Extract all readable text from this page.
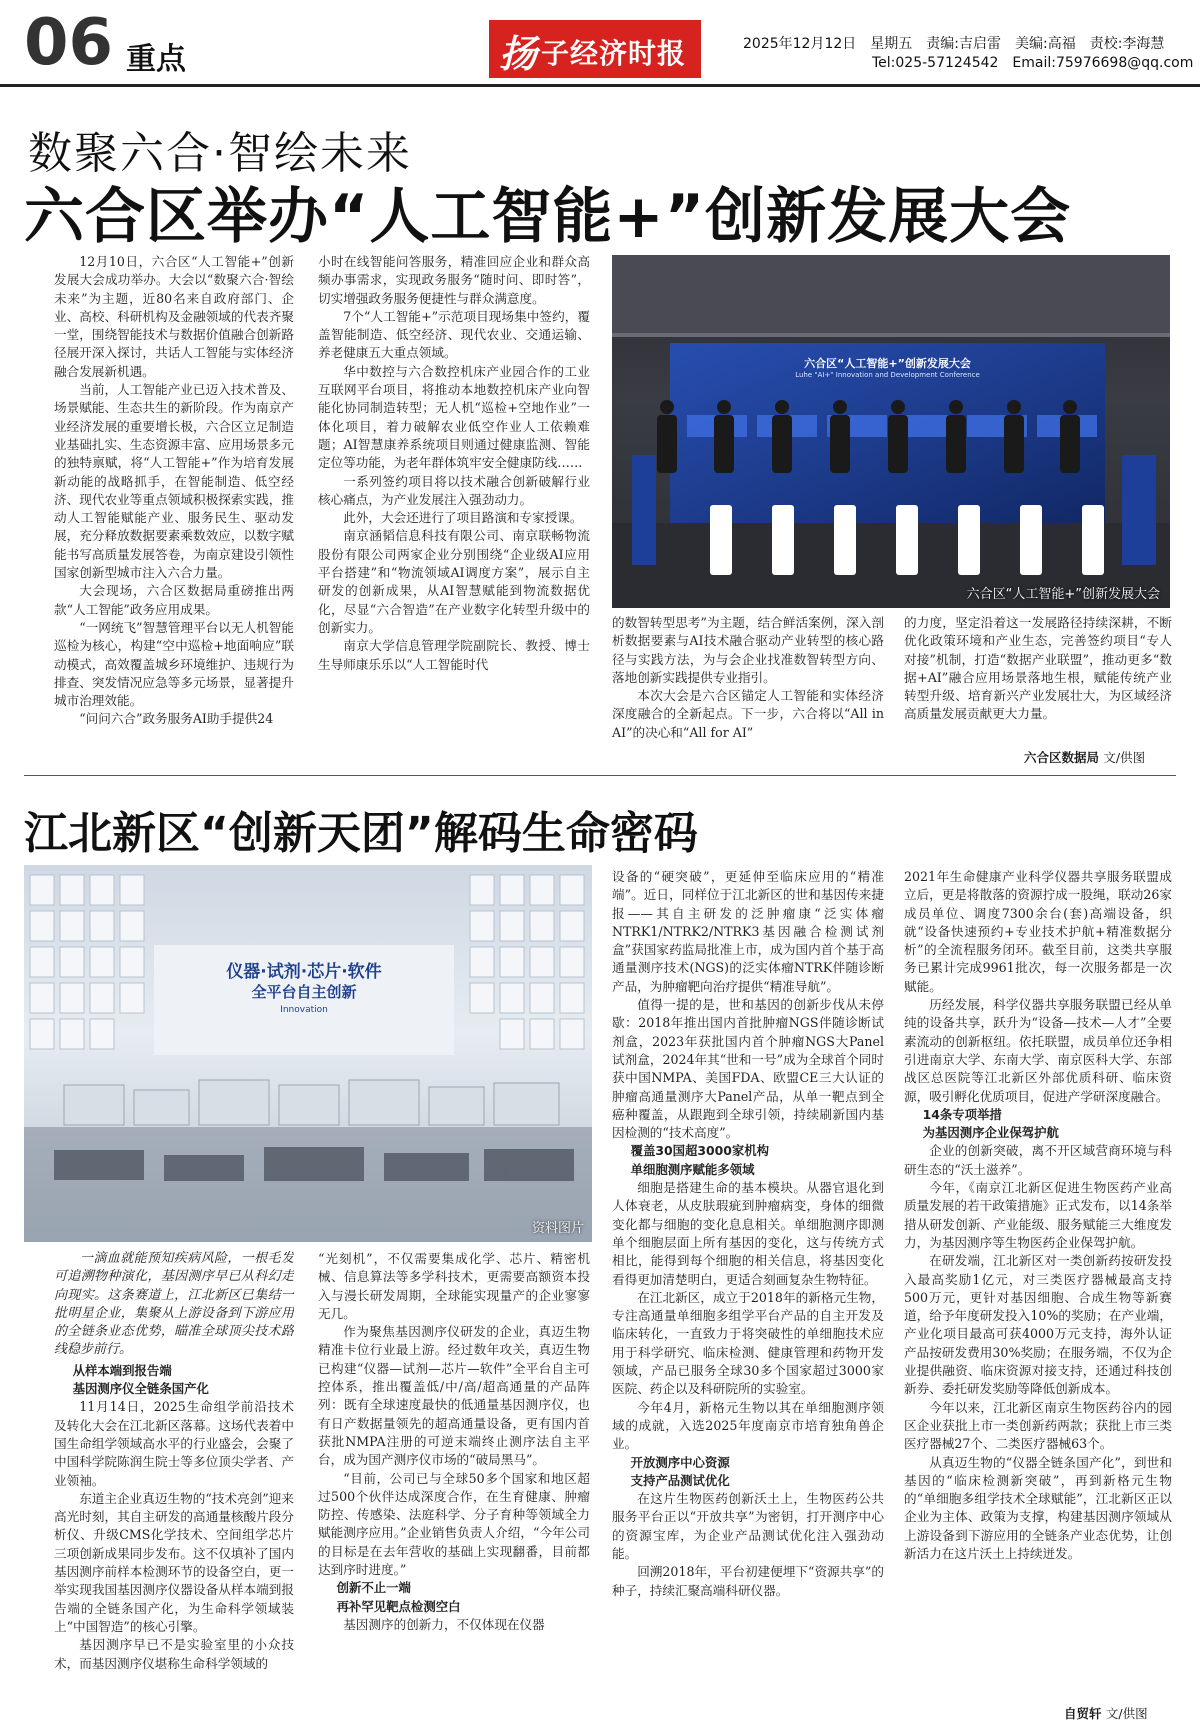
06 重点	扬 子经济时报	2025年12月12日　星期五　责编:吉启雷　美编:高福　责校:李海慧
Tel:025-57124542　Email:75976698@qq.com
数聚六合·智绘未来
六合区举办“人工智能+”创新发展大会

12月10日，六合区“人工智能+”创新发展大会成功举办。大会以“数聚六合·智绘未来”为主题，近80名来自政府部门、企业、高校、科研机构及金融领域的代表齐聚一堂，围绕智能技术与数据价值融合创新路径展开深入探讨，共话人工智能与实体经济融合发展新机遇。

当前，人工智能产业已迈入技术普及、场景赋能、生态共生的新阶段。作为南京产业经济发展的重要增长极，六合区立足制造业基础扎实、生态资源丰富、应用场景多元的独特禀赋，将“人工智能+”作为培育发展新动能的战略抓手，在智能制造、低空经济、现代农业等重点领域积极探索实践，推动人工智能赋能产业、服务民生、驱动发展，充分释放数据要素乘数效应，以数字赋能书写高质量发展答卷，为南京建设引领性国家创新型城市注入六合力量。

大会现场，六合区数据局重磅推出两款“人工智能”政务应用成果。

“一网统飞”智慧管理平台以无人机智能巡检为核心，构建“空中巡检+地面响应”联动模式，高效覆盖城乡环境维护、违规行为排查、突发情况应急等多元场景，显著提升城市治理效能。

“问问六合”政务服务AI助手提供24

小时在线智能问答服务，精准回应企业和群众高频办事需求，实现政务服务“随时问、即时答”，切实增强政务服务便捷性与群众满意度。

7个“人工智能+”示范项目现场集中签约，覆盖智能制造、低空经济、现代农业、交通运输、养老健康五大重点领域。

华中数控与六合数控机床产业园合作的工业互联网平台项目，将推动本地数控机床产业向智能化协同制造转型；无人机“巡检+空地作业”一体化项目，着力破解农业低空作业人工依赖难题；AI智慧康养系统项目则通过健康监测、智能定位等功能，为老年群体筑牢安全健康防线……

一系列签约项目将以技术融合创新破解行业核心痛点，为产业发展注入强劲动力。

此外，大会还进行了项目路演和专家授课。

南京涵韬信息科技有限公司、南京联畅物流股份有限公司两家企业分别围绕“企业级AI应用平台搭建”和“物流领域AI调度方案”，展示自主研发的创新成果，从AI智慧赋能到物流数据优化，尽显“六合智造”在产业数字化转型升级中的创新实力。

南京大学信息管理学院副院长、教授、博士生导师康乐乐以“人工智能时代

六合区“人工智能+”创新发展大会
Luhe "AI+" Innovation and Development Conference
六合区“人工智能+”创新发展大会

的数智转型思考”为主题，结合鲜活案例，深入剖析数据要素与AI技术融合驱动产业转型的核心路径与实践方法，为与会企业找准数智转型方向、落地创新实践提供专业指引。

本次大会是六合区锚定人工智能和实体经济深度融合的全新起点。下一步，六合将以“All in AI”的决心和“All for AI”

的力度，坚定沿着这一发展路径持续深耕，不断优化政策环境和产业生态，完善签约项目“专人对接”机制，打造“数据产业联盟”，推动更多“数据+AI”融合应用场景落地生根，赋能传统产业转型升级、培育新兴产业发展壮大，为区域经济高质量发展贡献更大力量。

六合区数据局 文/供图
江北新区“创新天团”解码生命密码
仪器·试剂·芯片·软件
全平台自主创新
Innovation
资料图片

一滴血就能预知疾病风险，一根毛发可追溯物种演化，基因测序早已从科幻走向现实。这条赛道上，江北新区已集结一批明星企业，集聚从上游设备到下游应用的全链条业态优势，瞄准全球顶尖技术路线稳步前行。

从样本端到报告端

基因测序仪全链条国产化

11月14日，2025生命组学前沿技术及转化大会在江北新区落幕。这场代表着中国生命组学领域高水平的行业盛会，会聚了中国科学院陈润生院士等多位顶尖学者、产业领袖。

东道主企业真迈生物的“技术亮剑”迎来高光时刻，其自主研发的高通量核酸片段分析仪、升级CMS化学技术、空间组学芯片三项创新成果同步发布。这不仅填补了国内基因测序前样本检测环节的设备空白，更一举实现我国基因测序仪器设备从样本端到报告端的全链条国产化，为生命科学领域装上“中国智造”的核心引擎。

基因测序早已不是实验室里的小众技术，而基因测序仪堪称生命科学领域的

“光刻机”，不仅需要集成化学、芯片、精密机械、信息算法等多学科技术，更需要高额资本投入与漫长研发周期，全球能实现量产的企业寥寥无几。

作为聚焦基因测序仪研发的企业，真迈生物精准卡位行业最上游。经过数年攻关，真迈生物已构建“仪器—试剂—芯片—软件”全平台自主可控体系，推出覆盖低/中/高/超高通量的产品阵列：既有全球速度最快的低通量基因测序仪，也有日产数据量领先的超高通量设备，更有国内首获批NMPA注册的可逆末端终止测序法自主平台，成为国产测序仪市场的“破局黑马”。

“目前，公司已与全球50多个国家和地区超过500个伙伴达成深度合作，在生育健康、肿瘤防控、传感染、法庭科学、分子育种等领域全力赋能测序应用。”企业销售负责人介绍，“今年公司的目标是在去年营收的基础上实现翻番，目前都达到序时进度。”

创新不止一端

再补罕见靶点检测空白

基因测序的创新力，不仅体现在仪器

设备的“硬突破”，更延伸至临床应用的“精准端”。近日，同样位于江北新区的世和基因传来捷报——其自主研发的泛肿瘤康“泛实体瘤NTRK1/NTRK2/NTRK3基因融合检测试剂盒”获国家药监局批准上市，成为国内首个基于高通量测序技术(NGS)的泛实体瘤NTRK伴随诊断产品，为肿瘤靶向治疗提供“精准导航”。

值得一提的是，世和基因的创新步伐从未停歇：2018年推出国内首批肿瘤NGS伴随诊断试剂盒，2023年获批国内首个肿瘤NGS大Panel试剂盒，2024年其“世和一号”成为全球首个同时获中国NMPA、美国FDA、欧盟CE三大认证的肿瘤高通量测序大Panel产品，从单一靶点到全癌种覆盖，从跟跑到全球引领，持续刷新国内基因检测的“技术高度”。

覆盖30国超3000家机构

单细胞测序赋能多领域

细胞是搭建生命的基本模块。从器官退化到人体衰老，从皮肤瑕疵到肿瘤病变，身体的细微变化都与细胞的变化息息相关。单细胞测序即测单个细胞层面上所有基因的变化，这与传统方式相比，能得到每个细胞的相关信息，将基因变化看得更加清楚明白，更适合刻画复杂生物特征。

在江北新区，成立于2018年的新格元生物，专注高通量单细胞多组学平台产品的自主开发及临床转化，一直致力于将突破性的单细胞技术应用于科学研究、临床检测、健康管理和药物开发领域，产品已服务全球30多个国家超过3000家医院、药企以及科研院所的实验室。

今年4月，新格元生物以其在单细胞测序领域的成就，入选2025年度南京市培育独角兽企业。

开放测序中心资源

支持产品测试优化

在这片生物医药创新沃土上，生物医药公共服务平台正以“开放共享”为密钥，打开测序中心的资源宝库，为企业产品测试优化注入强劲动能。

回溯2018年，平台初建便埋下“资源共享”的种子，持续汇聚高端科研仪器。

2021年生命健康产业科学仪器共享服务联盟成立后，更是将散落的资源拧成一股绳，联动26家成员单位、调度7300余台(套)高端设备，织就“设备快速预约+专业技术护航+精准数据分析”的全流程服务闭环。截至目前，这类共享服务已累计完成9961批次，每一次服务都是一次赋能。

历经发展，科学仪器共享服务联盟已经从单纯的设备共享，跃升为“设备—技术—人才”全要素流动的创新枢纽。依托联盟，成员单位还争相引进南京大学、东南大学、南京医科大学、东部战区总医院等江北新区外部优质科研、临床资源，吸引孵化优质项目，促进产学研深度融合。

14条专项举措

为基因测序企业保驾护航

企业的创新突破，离不开区域营商环境与科研生态的“沃土滋养”。

今年，《南京江北新区促进生物医药产业高质量发展的若干政策措施》正式发布，以14条举措从研发创新、产业能级、服务赋能三大维度发力，为基因测序等生物医药企业保驾护航。

在研发端，江北新区对一类创新药按研发投入最高奖励1亿元，对三类医疗器械最高支持500万元，更针对基因细胞、合成生物等新赛道，给予年度研发投入10%的奖励；在产业端，产业化项目最高可获4000万元支持，海外认证产品按研发费用30%奖励；在服务端，不仅为企业提供融资、临床资源对接支持，还通过科技创新券、委托研发奖励等降低创新成本。

今年以来，江北新区南京生物医药谷内的园区企业获批上市一类创新药两款；获批上市三类医疗器械27个、二类医疗器械63个。

从真迈生物的“仪器全链条国产化”，到世和基因的“临床检测新突破”，再到新格元生物的“单细胞多组学技术全球赋能”，江北新区正以企业为主体、政策为支撑，构建基因测序领域从上游设备到下游应用的全链条产业态优势，让创新活力在这片沃土上持续迸发。

自贸轩 文/供图
